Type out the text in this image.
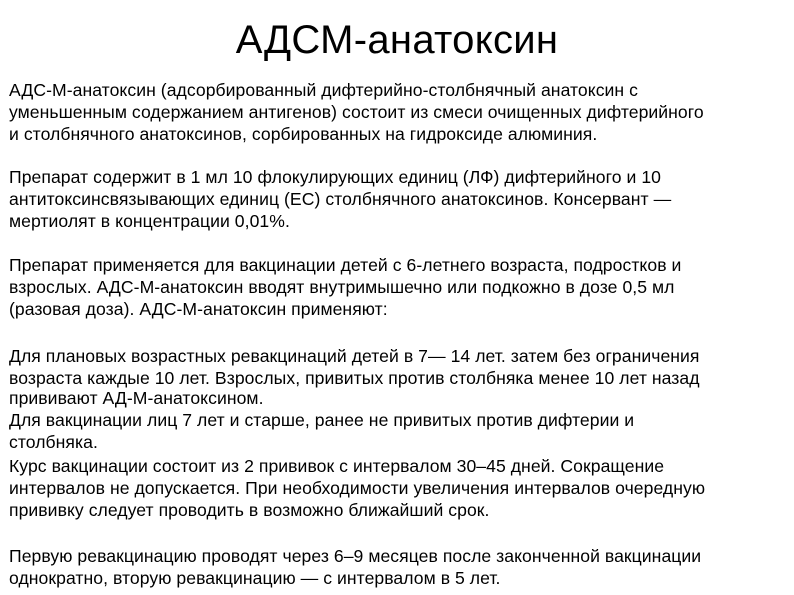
АДСМ-анатоксин
АДС-М-анатоксин (адсорбированный дифтерийно-столбнячный анатоксин с
уменьшенным содержанием антигенов) состоит из смеси очищенных дифтерийного
и столбнячного анатоксинов, сорбированных на гидроксиде алюминия.
Препарат содержит в 1 мл 10 флокулирующих единиц (ЛФ) дифтерийного и 10
антитоксинсвязывающих единиц (ЕС) столбнячного анатоксинов. Консервант —
мертиолят в концентрации 0,01%.
Препарат применяется для вакцинации детей с 6-летнего возраста, подростков и
взрослых. АДС-М-анатоксин вводят внутримышечно или подкожно в дозе 0,5 мл
(разовая доза). АДС-М-анатоксин применяют:
Для плановых возрастных ревакцинаций детей в 7— 14 лет. затем без ограничения
возраста каждые 10 лет. Взрослых, привитых против столбняка менее 10 лет назад
прививают АД-М-анатоксином.
Для вакцинации лиц 7 лет и старше, ранее не привитых против дифтерии и
столбняка.
Курс вакцинации состоит из 2 прививок с интервалом 30–45 дней. Сокращение
интервалов не допускается. При необходимости увеличения интервалов очередную
прививку следует проводить в возможно ближайший срок.
Первую ревакцинацию проводят через 6–9 месяцев после законченной вакцинации
однократно, вторую ревакцинацию — с интервалом в 5 лет.
